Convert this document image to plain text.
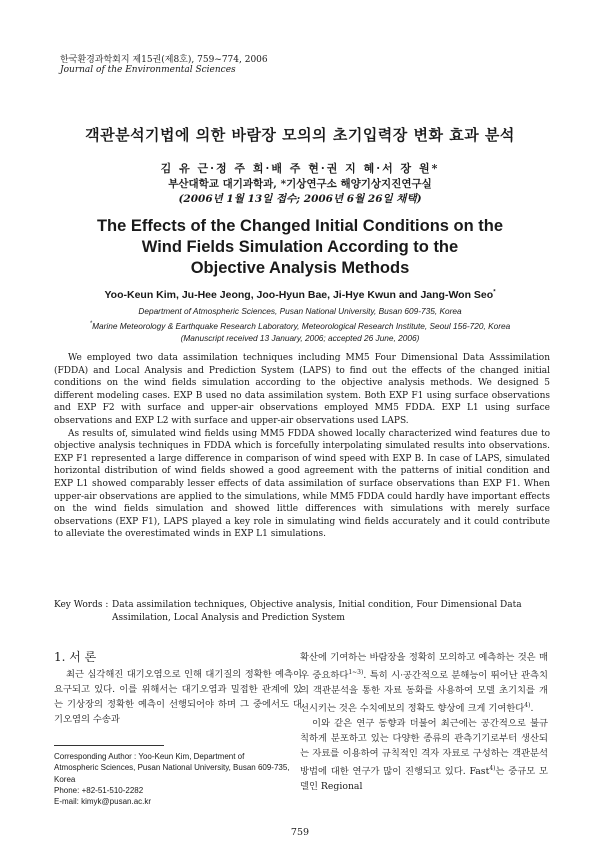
한국환경과학회지 제15권(제8호), 759~774, 2006
Journal of the Environmental Sciences
객관분석기법에 의한 바람장 모의의 초기입력장 변화 효과 분석
김 유 근·정 주 희·배 주 현·권 지 혜·서 장 원*
부산대학교 대기과학과, *기상연구소 해양기상지진연구실
(2006년 1월 13일 접수; 2006년 6월 26일 채택)
The Effects of the Changed Initial Conditions on the
Wind Fields Simulation According to the
Objective Analysis Methods
Yoo-Keun Kim, Ju-Hee Jeong, Joo-Hyun Bae, Ji-Hye Kwun and Jang-Won Seo*
Department of Atmospheric Sciences, Pusan National University, Busan 609-735, Korea
*Marine Meteorology & Earthquake Research Laboratory, Meteorological Research Institute, Seoul 156-720, Korea
(Manuscript received 13 January, 2006; accepted 26 June, 2006)

We employed two data assimilation techniques including MM5 Four Dimensional Data Asssimilation (FDDA) and Local Analysis and Prediction System (LAPS) to find out the effects of the changed initial conditions on the wind fields simulation according to the objective analysis methods. We designed 5 different modeling cases. EXP B used no data assimilation system. Both EXP F1 using surface observations and EXP F2 with surface and upper-air observations employed MM5 FDDA. EXP L1 using surface observations and EXP L2 with surface and upper-air observations used LAPS.

As results of, simulated wind fields using MM5 FDDA showed locally characterized wind features due to objective analysis techniques in FDDA which is forcefully interpolating simulated results into observations. EXP F1 represented a large difference in comparison of wind speed with EXP B. In case of LAPS, simulated horizontal distribution of wind fields showed a good agreement with the patterns of initial condition and EXP L1 showed comparably lesser effects of data assimilation of surface observations than EXP F1. When upper-air observations are applied to the simulations, while MM5 FDDA could hardly have important effects on the wind fields simulation and showed little differences with simulations with merely surface observations (EXP F1), LAPS played a key role in simulating wind fields accurately and it could contribute to alleviate the overestimated winds in EXP L1 simulations.

Key Words : Data assimilation techniques, Objective analysis, Initial condition, Four Dimensional Data Assimilation, Local Analysis and Prediction System
1. 서 론

최근 심각해진 대기오염으로 인해 대기질의 정확한 예측이 요구되고 있다. 이를 위해서는 대기오염과 밀접한 관계에 있는 기상장의 정확한 예측이 선행되어야 하며 그 중에서도 대기오염의 수송과

확산에 기여하는 바람장을 정확히 모의하고 예측하는 것은 매우 중요하다$^{1\sim 3)}$. 특히 시·공간적으로 분해능이 뛰어난 관측치의 객관분석을 통한 자료 동화를 사용하여 모델 초기치를 개선시키는 것은 수치예보의 정확도 향상에 크게 기여한다$^{4)}$.

이와 같은 연구 동향과 더불어 최근에는 공간적으로 불규칙하게 분포하고 있는 다양한 종류의 관측기기로부터 생산되는 자료를 이용하여 규칙적인 격자 자료로 구성하는 객관분석방법에 대한 연구가 많이 진행되고 있다. Fast$^{4)}$는 중규모 모델인 Regional

Corresponding Author : Yoo-Keun Kim, Department of Atmospheric Sciences, Pusan National University, Busan 609-735, Korea
Phone: +82-51-510-2282
E-mail: kimyk@pusan.ac.kr
759
